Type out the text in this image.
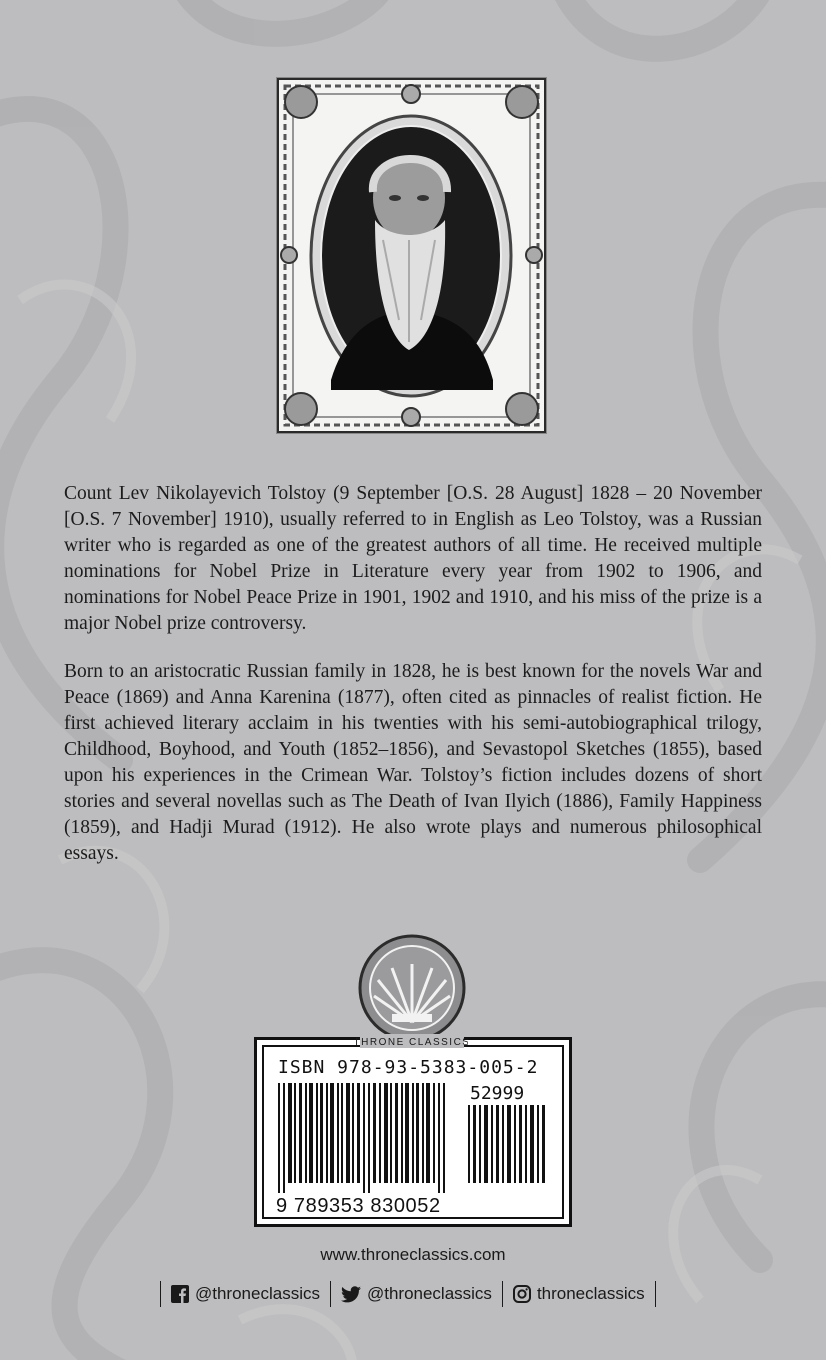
Count Lev Nikolayevich Tolstoy (9 September [O.S. 28 August] 1828 – 20 November [O.S. 7 November] 1910), usually referred to in English as Leo Tolstoy, was a Russian writer who is regarded as one of the greatest authors of all time. He received multiple nominations for Nobel Prize in Literature every year from 1902 to 1906, and nominations for Nobel Peace Prize in 1901, 1902 and 1910, and his miss of the prize is a major Nobel prize controversy.

Born to an aristocratic Russian family in 1828, he is best known for the novels War and Peace (1869) and Anna Karenina (1877), often cited as pinnacles of realist fiction. He first achieved literary acclaim in his twenties with his semi-autobiographical trilogy, Childhood, Boyhood, and Youth (1852–1856), and Sevastopol Sketches (1855), based upon his experiences in the Crimean War. Tolstoy’s fiction includes dozens of short stories and several novellas such as The Death of Ivan Ilyich (1886), Family Happiness (1859), and Hadji Murad (1912). He also wrote plays and numerous philosophical essays.

THRONE CLASSICS
ISBN 978-93-5383-005-2
52999
9 789353 830052
www.throneclassics.com
@throneclassics	@throneclassics	throneclassics
